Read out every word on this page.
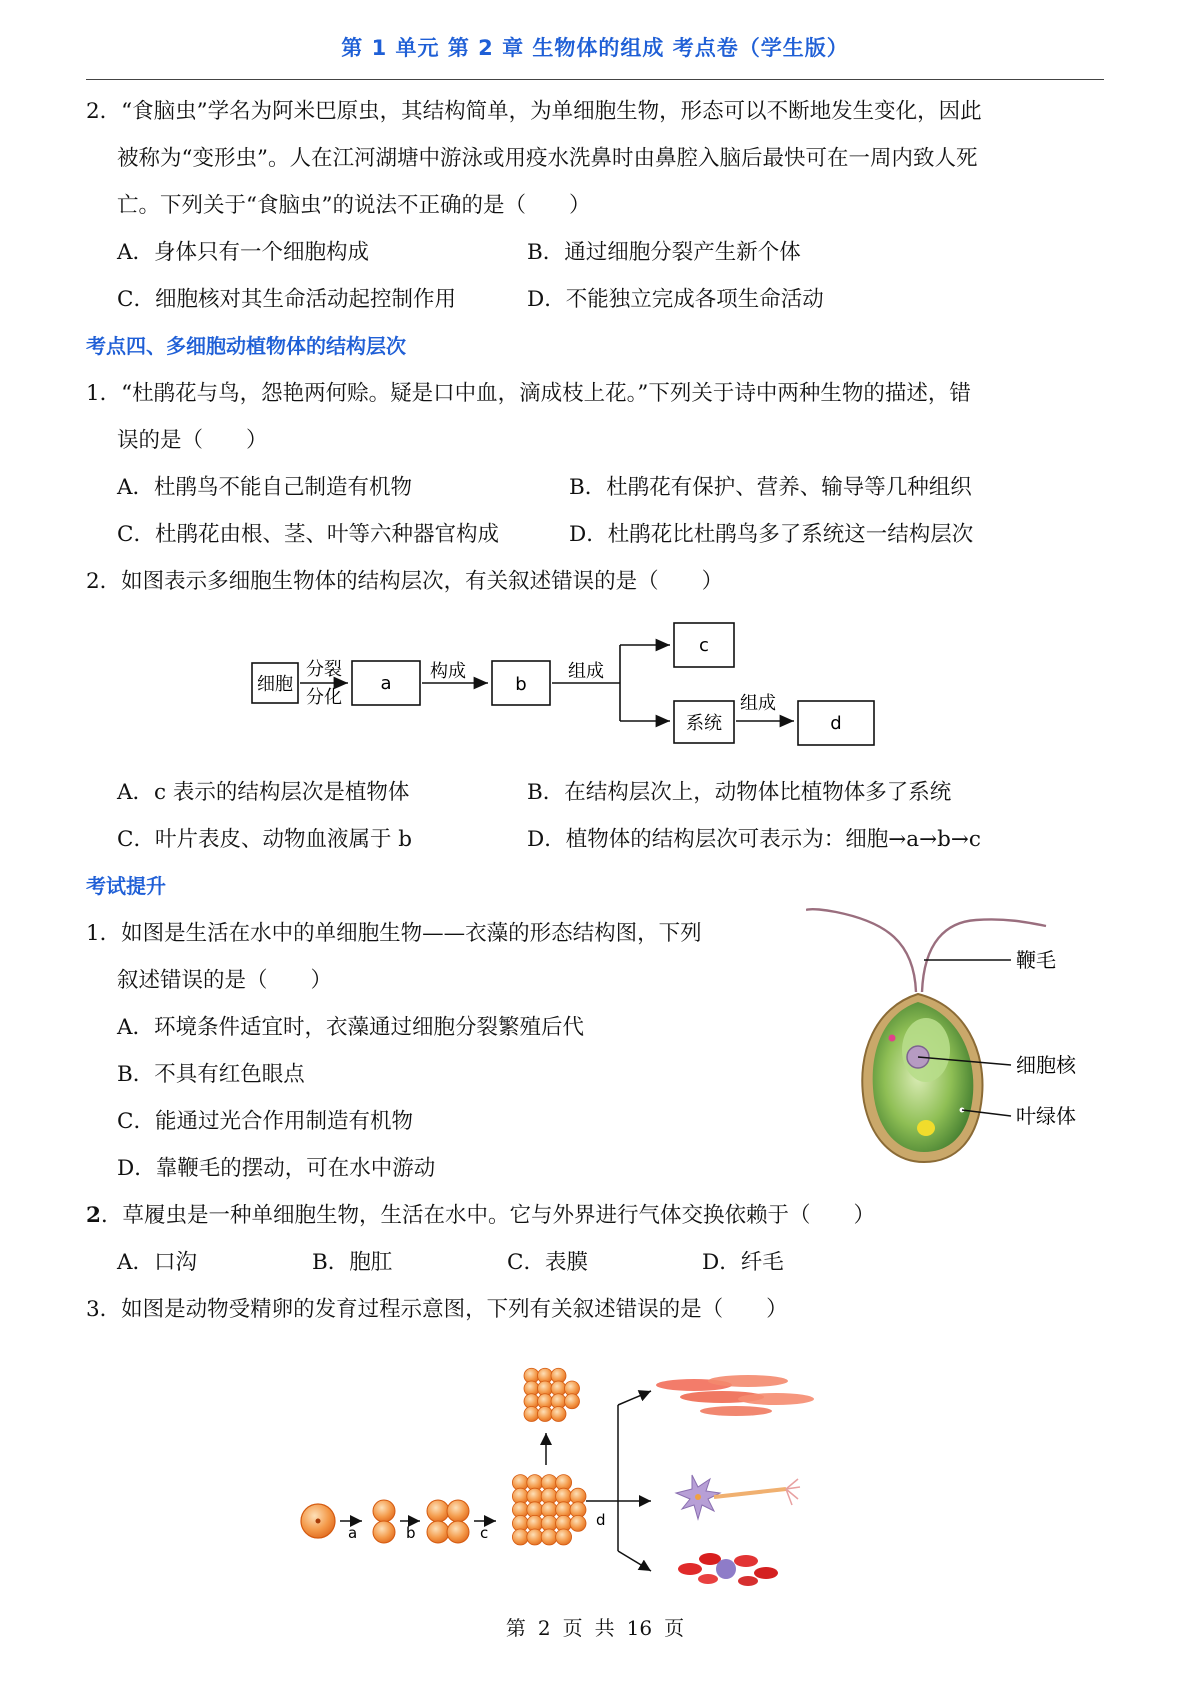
第 1 单元 第 2 章 生物体的组成 考点卷（学生版）
2．“食脑虫”学名为阿米巴原虫，其结构简单，为单细胞生物，形态可以不断地发生变化，因此
被称为“变形虫”。人在江河湖塘中游泳或用疫水洗鼻时由鼻腔入脑后最快可在一周内致人死
亡。下列关于“食脑虫”的说法不正确的是（　　）
A．身体只有一个细胞构成	B．通过细胞分裂产生新个体
C．细胞核对其生命活动起控制作用	D．不能独立完成各项生命活动
考点四、多细胞动植物体的结构层次
1．“杜鹃花与鸟，怨艳两何赊。疑是口中血，滴成枝上花。”下列关于诗中两种生物的描述，错
误的是（　　）
A．杜鹃鸟不能自己制造有机物	B．杜鹃花有保护、营养、输导等几种组织
C．杜鹃花由根、茎、叶等六种器官构成	D．杜鹃花比杜鹃鸟多了系统这一结构层次
2．如图表示多细胞生物体的结构层次，有关叙述错误的是（　　）
细胞
分裂
分化
a
构成
b
组成
c
系统
组成
d
A．c 表示的结构层次是植物体	B．在结构层次上，动物体比植物体多了系统
C．叶片表皮、动物血液属于 b	D．植物体的结构层次可表示为：细胞→a→b→c
考试提升
1．如图是生活在水中的单细胞生物——衣藻的形态结构图，下列
叙述错误的是（　　）
A．环境条件适宜时，衣藻通过细胞分裂繁殖后代
B．不具有红色眼点
C．能通过光合作用制造有机物
D．靠鞭毛的摆动，可在水中游动
鞭毛
细胞核
叶绿体
2．草履虫是一种单细胞生物，生活在水中。它与外界进行气体交换依赖于（　　）
A．口沟	B．胞肛	C．表膜	D．纤毛
3．如图是动物受精卵的发育过程示意图，下列有关叙述错误的是（　　）
a	b	c
d
第 2 页 共 16 页
